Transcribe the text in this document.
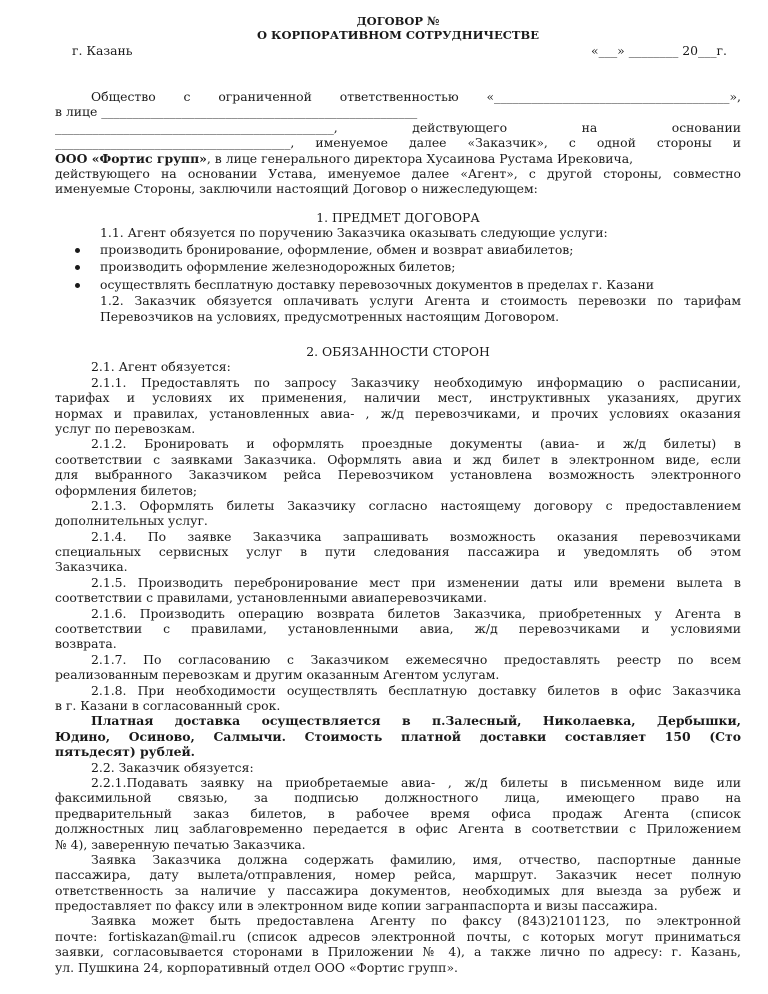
ДОГОВОР №
О КОРПОРАТИВНОМ СОТРУДНИЧЕСТВЕ
г. Казань	«___» ________ 20___г.
Общество с ограниченной ответственностью «______________________________________»,
в лице ___________________________________________________
_____________________________________________, действующего на основании
______________________________________, именуемое далее «Заказчик», с одной стороны и
ООО «Фортис групп», в лице генерального директора Хусаинова Рустама Ирековича,
действующего на основании Устава, именуемое далее «Агент», с другой стороны, совместно
именуемые Стороны, заключили настоящий Договор о нижеследующем:
1. ПРЕДМЕТ ДОГОВОРА
1.1. Агент обязуется по поручению Заказчика оказывать следующие услуги:
производить бронирование, оформление, обмен и возврат авиабилетов;
производить оформление железнодорожных билетов;
осуществлять бесплатную доставку перевозочных документов в пределах г. Казани
1.2. Заказчик обязуется оплачивать услуги Агента и стоимость перевозки по тарифам
Перевозчиков на условиях, предусмотренных настоящим Договором.
2. ОБЯЗАННОСТИ СТОРОН
2.1. Агент обязуется:
2.1.1. Предоставлять по запросу Заказчику необходимую информацию о расписании,
тарифах и условиях их применения, наличии мест, инструктивных указаниях, других
нормах и правилах, установленных авиа- , ж/д перевозчиками, и прочих условиях оказания
услуг по перевозкам.
2.1.2. Бронировать и оформлять проездные документы (авиа- и ж/д билеты) в
соответствии с заявками Заказчика. Оформлять авиа и жд билет в электронном виде, если
для выбранного Заказчиком рейса Перевозчиком установлена возможность электронного
оформления билетов;
2.1.3. Оформлять билеты Заказчику согласно настоящему договору с предоставлением
дополнительных услуг.
2.1.4. По заявке Заказчика запрашивать возможность оказания перевозчиками
специальных сервисных услуг в пути следования пассажира и уведомлять об этом
Заказчика.
2.1.5. Производить перебронирование мест при изменении даты или времени вылета в
соответствии с правилами, установленными авиаперевозчиками.
2.1.6. Производить операцию возврата билетов Заказчика, приобретенных у Агента в
соответствии с правилами, установленными авиа, ж/д перевозчиками и условиями
возврата.
2.1.7. По согласованию с Заказчиком ежемесячно предоставлять реестр по всем
реализованным перевозкам и другим оказанным Агентом услугам.
2.1.8. При необходимости осуществлять бесплатную доставку билетов в офис Заказчика
в г. Казани в согласованный срок.
Платная доставка осуществляется в п.Залесный, Николаевка, Дербышки,
Юдино, Осиново, Салмычи. Стоимость платной доставки составляет 150 (Сто
пятьдесят) рублей.
2.2. Заказчик обязуется:
2.2.1.Подавать заявку на приобретаемые авиа- , ж/д билеты в письменном виде или
факсимильной связью, за подписью должностного лица, имеющего право на
предварительный заказ билетов, в рабочее время офиса продаж Агента (список
должностных лиц заблаговременно передается в офис Агента в соответствии с Приложением
№ 4), заверенную печатью Заказчика.
Заявка Заказчика должна содержать фамилию, имя, отчество, паспортные данные
пассажира, дату вылета/отправления, номер рейса, маршрут. Заказчик несет полную
ответственность за наличие у пассажира документов, необходимых для выезда за рубеж и
предоставляет по факсу или в электронном виде копии загранпаспорта и визы пассажира.
Заявка может быть предоставлена Агенту по факсу (843)2101123, по электронной
почте: fortiskazan@mail.ru (список адресов электронной почты, с которых могут приниматься
заявки, согласовывается сторонами в Приложении № 4), а также лично по адресу: г. Казань,
ул. Пушкина 24, корпоративный отдел ООО «Фортис групп».
